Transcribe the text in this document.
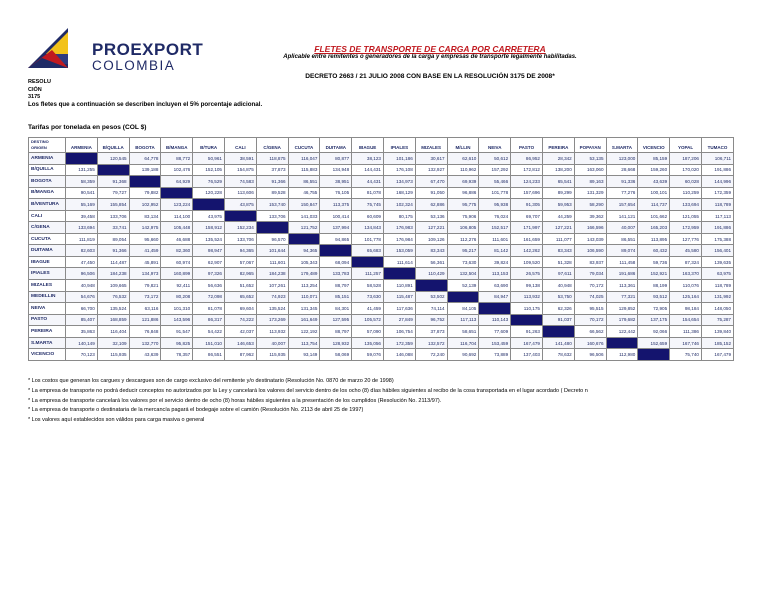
PROEXPORT
COLOMBIA
FLETES DE TRANSPORTE DE CARGA POR CARRETERA
Aplicable entre remitentes o generadores de la carga y empresas de transporte legalmente habilitadas.
DECRETO 2663 / 21 JULIO 2008 CON BASE EN LA RESOLUCIÓN 3175 DE 2008*
RESOLU
CIÓN
3175
Los fletes que a continuación se describen incluyen el 5% porcentaje adicional.
Tarifas por tonelada en pesos (COL $)
DESTINO
ORIGEN	ARMENIA	B/QUILLA	BOGOTA	B/MANGA	B/TURA	CALI	C/GENA	CUCUTA	DUITAMA	IBAGUE	IPIALES	MIZALES	M/LLIN	NEIVA	PASTO	PEREIRA	POPAYAN	S.MARTA	VICENCIO	YOPAL	TUMACO
ARMENIA		120,545	64,778	88,772	50,961	38,591	118,875	116,047	80,877	38,123	101,186	30,617	62,610	50,612	86,952	28,342	53,135	123,000	85,159	187,206	106,711
B/QUILLA	131,255		139,188	102,476	152,105	154,875	37,873	115,883	134,948	144,431	176,108	132,927	110,962	157,292	172,812	138,200	163,060	28,668	159,260	170,020	191,886
BOGOTA	58,359	91,368		64,929	76,529	74,583	91,366	86,551	38,951	44,431	134,973	67,470	69,939	55,466	124,233	65,541	89,163	91,336	43,639	60,028	144,996
B/MANGA	90,541	79,727	79,882		120,228	113,606	89,528	46,755	76,105	81,078	168,129	91,050	96,886	101,778	157,696	89,299	131,329	77,276	100,101	110,259	172,359
B/VENTURA	55,169	155,854	102,952	123,224		43,875	153,740	150,847	113,375	75,745	102,324	62,886	95,775	95,938	91,305	59,953	58,290	157,654	114,737	133,694	118,789
CALI	39,458	133,706	83,134	114,100	43,975		133,706	141,033	100,414	60,609	80,175	53,136	75,906	76,024	69,707	44,259	39,362	141,121	101,662	121,055	117,113
C/GENA	133,694	33,741	142,975	105,448	158,912	152,234		121,752	137,994	134,843	176,983	127,221	106,805	152,517	171,997	127,221	166,596	40,007	165,203	172,959	191,886
CUCUTA	111,819	89,054	95,660	46,688	135,524	133,706	96,570		94,865	101,778	176,984	109,126	112,276	111,601	161,659	111,077	143,039	86,551	113,895	127,776	175,388
DUITAMA	82,603	91,366	41,459	82,360	98,947	94,365	101,644	94,365		65,683	153,059	83,343	95,217	81,142	142,262	83,343	106,590	89,074	60,432	45,580	156,401
IBAGUE	47,450	114,487	45,891	60,974	62,907	57,067	111,601	105,343	68,094		111,614	56,361	73,630	39,824	109,520	51,328	83,937	111,458	59,736	87,324	139,635
IPIALES	96,506	184,238	134,973	160,899	97,326	82,965	184,238	179,489	133,783	111,257		110,429	132,504	113,153	26,575	97,611	79,034	191,686	152,921	163,370	63,975
MIZALES	40,948	109,665	79,821	92,411	56,636	51,652	107,261	113,254	88,797	58,528	110,891		52,139	63,690	99,138	40,948	70,172	113,361	88,199	110,076	118,789
MEDELLIN	54,676	76,532	73,172	80,208	72,098	65,652	74,923	110,071	85,151	73,630	115,487	53,502		84,947	113,932	53,750	74,025	77,321	93,512	125,164	131,992
NEIVA	66,700	135,524	63,116	101,310	81,078	69,604	135,524	131,345	84,301	41,459	117,636	74,114	84,105		110,175	62,326	95,515	129,852	72,905	98,184	148,050
PASTO	85,407	168,859	121,886	143,596	86,317	74,222	173,269	161,649	127,595	105,572	27,849	96,752	117,113	110,143		91,037	70,172	179,682	137,175	154,654	75,287
PEREIRA	35,863	116,404	76,848	91,547	54,422	42,037	113,932	122,192	88,797	57,090	106,754	37,873	58,651	77,609	91,263		66,562	122,442	92,066	111,386	139,840
S.MARTA	140,149	32,109	132,770	95,825	151,010	146,653	40,007	113,754	128,932	135,056	172,359	132,572	116,704	153,459	167,479	141,480	160,676		152,659	167,746	185,152
VICENCIO	70,123	115,935	43,639	78,357	86,551	87,962	115,935	93,149	58,069	59,076	146,088	72,240	90,692	73,889	137,403	78,632	96,506	112,980		75,740	167,479
* Los costos que generan los cargues y descargues son de cargo exclusivo del remitente y/o destinatario (Resolución No. 0870 de marzo 20 de 1998)
* La empresa de transporte no podrá deducir conceptos no autorizados por la Ley y cancelará los valores del servicio dentro de los ocho (8) días hábiles siguientes al recibo de la cosa transportada en el lugar acordado ( Decreto n
* La empresa de transporte cancelará los valores por el servicio dentro de ocho (8) horas hábiles siguientes a la presentación de los cumplidos (Resolución No. 2113/97).
* La empresa de transporte o destinataria de la mercancía pagará el bodegaje sobre el camión (Resolución No. 2113 de abril 25 de 1997)
* Los valores aquí establecidos son válidos para carga masiva o general
